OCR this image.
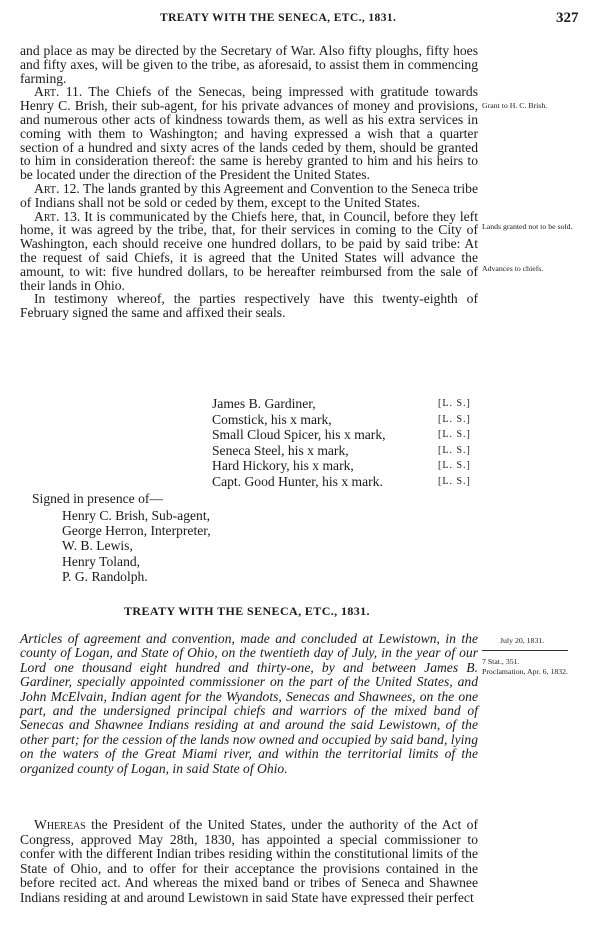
TREATY WITH THE SENECA, ETC., 1831.	327

and place as may be directed by the Secretary of War. Also fifty ploughs, fifty hoes and fifty axes, will be given to the tribe, as aforesaid, to assist them in commencing farming.

Art. 11. The Chiefs of the Senecas, being impressed with gratitude towards Henry C. Brish, their sub-agent, for his private advances of money and provisions, and numerous other acts of kindness towards them, as well as his extra services in coming with them to Washington; and having expressed a wish that a quarter section of a hundred and sixty acres of the lands ceded by them, should be granted to him in consideration thereof: the same is hereby granted to him and his heirs to be located under the direction of the President the United States.

Art. 12. The lands granted by this Agreement and Convention to the Seneca tribe of Indians shall not be sold or ceded by them, except to the United States.

Art. 13. It is communicated by the Chiefs here, that, in Council, before they left home, it was agreed by the tribe, that, for their services in coming to the City of Washington, each should receive one hundred dollars, to be paid by said tribe: At the request of said Chiefs, it is agreed that the United States will advance the amount, to wit: five hundred dollars, to be hereafter reimbursed from the sale of their lands in Ohio.

In testimony whereof, the parties respectively have this twenty-eighth of February signed the same and affixed their seals.

Grant to H. C. Brish.
Lands granted not to be sold.
Advances to chiefs.
James B. Gardiner,	[L. S.]
Comstick, his x mark,	[L. S.]
Small Cloud Spicer, his x mark,	[L. S.]
Seneca Steel, his x mark,	[L. S.]
Hard Hickory, his x mark,	[L. S.]
Capt. Good Hunter, his x mark.	[L. S.]
Signed in presence of—
Henry C. Brish, Sub-agent,
George Herron, Interpreter,
W. B. Lewis,
Henry Toland,
P. G. Randolph.
TREATY WITH THE SENECA, ETC., 1831.

Articles of agreement and convention, made and concluded at Lewistown, in the county of Logan, and State of Ohio, on the twentieth day of July, in the year of our Lord one thousand eight hundred and thirty-one, by and between James B. Gardiner, specially appointed commissioner on the part of the United States, and John McElvain, Indian agent for the Wyandots, Senecas and Shawnees, on the one part, and the undersigned principal chiefs and warriors of the mixed band of Senecas and Shawnee Indians residing at and around the said Lewistown, of the other part; for the cession of the lands now owned and occupied by said band, lying on the waters of the Great Miami river, and within the territorial limits of the organized county of Logan, in said State of Ohio.

July 20, 1831.
7 Stat., 351.
Proclamation, Apr. 6, 1832.

Whereas the President of the United States, under the authority of the Act of Congress, approved May 28th, 1830, has appointed a special commissioner to confer with the different Indian tribes residing within the constitutional limits of the State of Ohio, and to offer for their acceptance the provisions contained in the before recited act. And whereas the mixed band or tribes of Seneca and Shawnee Indians residing at and around Lewistown in said State have expressed their perfect
